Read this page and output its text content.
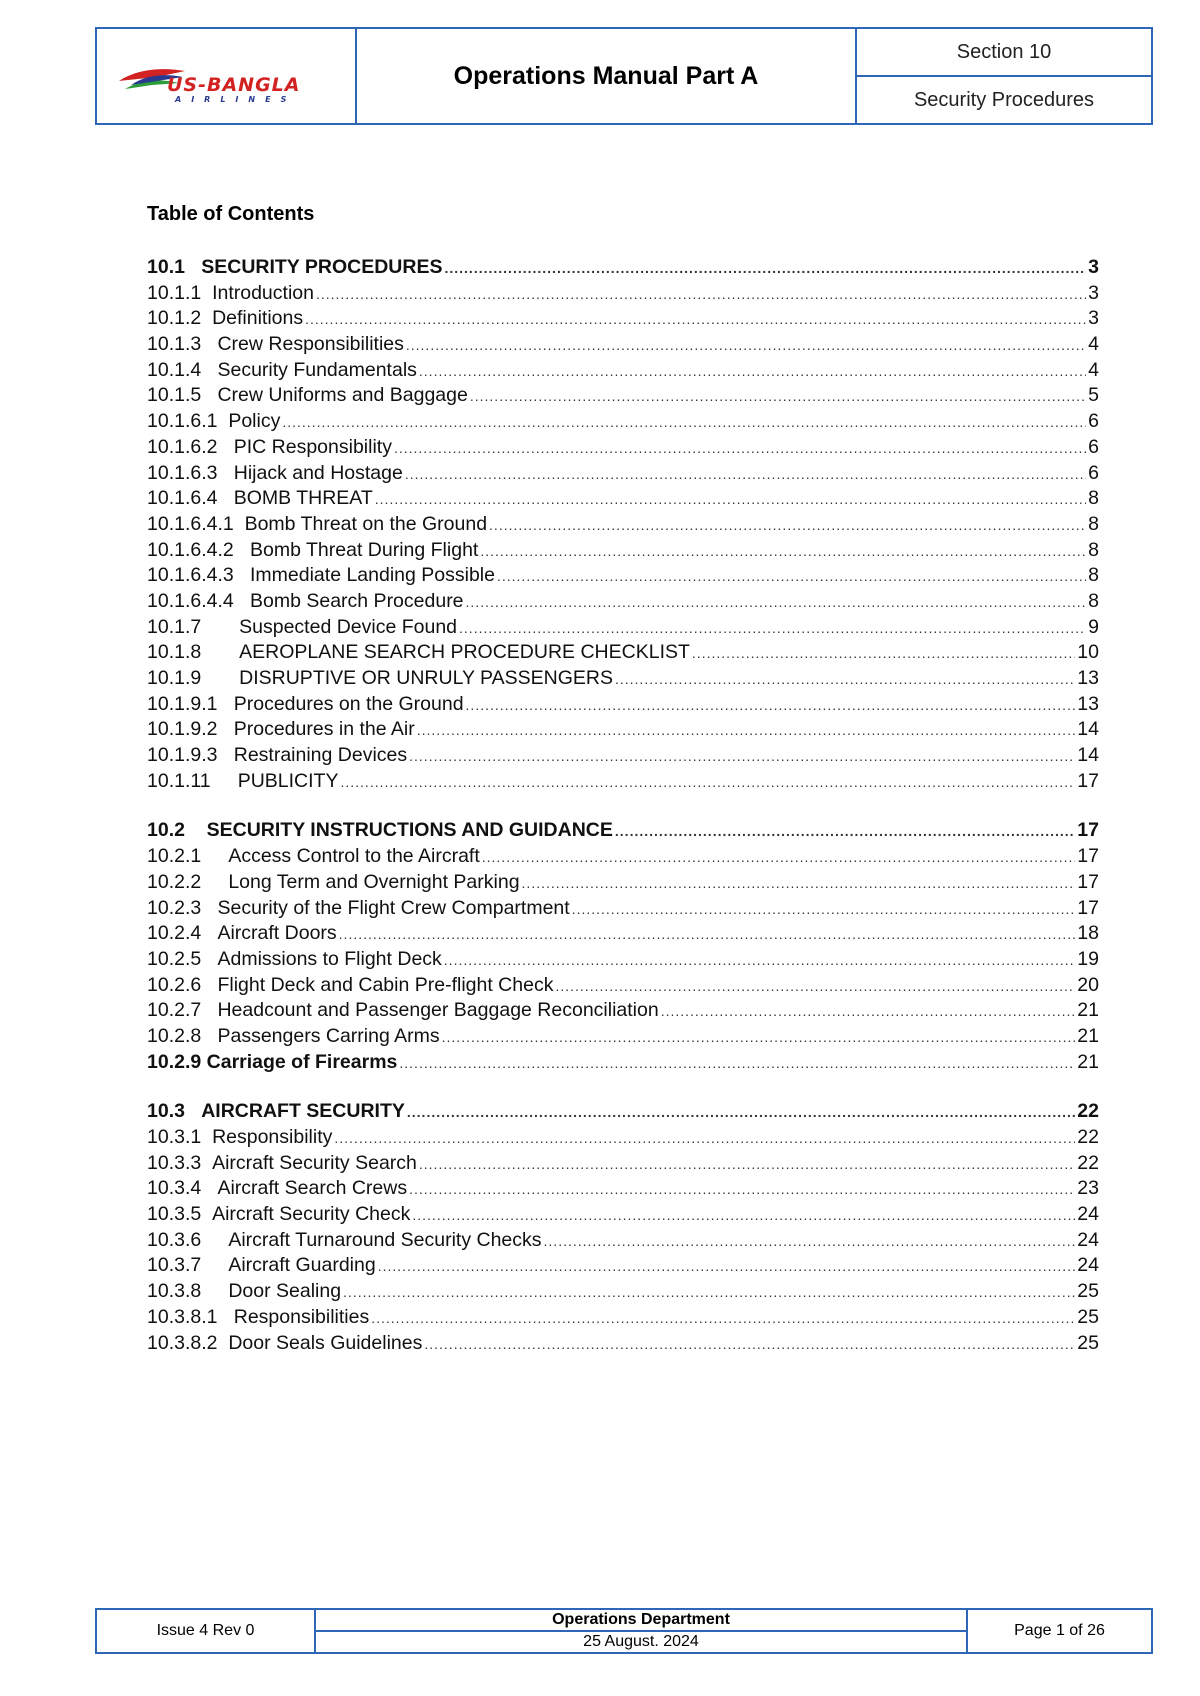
US-BANGLA
AIRLINES
Operations Manual Part A
Section 10
Security Procedures
Table of Contents
10.1 SECURITY PROCEDURES .....	3
10.1.1 Introduction .....	3
10.1.2 Definitions .....	3
10.1.3 Crew Responsibilities .....	4
10.1.4 Security Fundamentals .....	4
10.1.5 Crew Uniforms and Baggage .....	5
10.1.6.1 Policy .....	6
10.1.6.2 PIC Responsibility .....	6
10.1.6.3 Hijack and Hostage .....	6
10.1.6.4 BOMB THREAT .....	8
10.1.6.4.1 Bomb Threat on the Ground .....	8
10.1.6.4.2 Bomb Threat During Flight .....	8
10.1.6.4.3 Immediate Landing Possible .....	8
10.1.6.4.4 Bomb Search Procedure .....	8
10.1.7 Suspected Device Found .....	9
10.1.8 AEROPLANE SEARCH PROCEDURE CHECKLIST .....	10
10.1.9 DISRUPTIVE OR UNRULY PASSENGERS .....	13
10.1.9.1 Procedures on the Ground .....	13
10.1.9.2 Procedures in the Air .....	14
10.1.9.3 Restraining Devices .....	14
10.1.11 PUBLICITY .....	17
10.2 SECURITY INSTRUCTIONS AND GUIDANCE .....	17
10.2.1 Access Control to the Aircraft .....	17
10.2.2 Long Term and Overnight Parking .....	17
10.2.3 Security of the Flight Crew Compartment .....	17
10.2.4 Aircraft Doors .....	18
10.2.5 Admissions to Flight Deck .....	19
10.2.6 Flight Deck and Cabin Pre-flight Check .....	20
10.2.7 Headcount and Passenger Baggage Reconciliation .....	21
10.2.8 Passengers Carring Arms .....	21
10.2.9 Carriage of Firearms .....	21
10.3 AIRCRAFT SECURITY .....	22
10.3.1 Responsibility .....	22
10.3.3 Aircraft Security Search .....	22
10.3.4 Aircraft Search Crews .....	23
10.3.5 Aircraft Security Check .....	24
10.3.6 Aircraft Turnaround Security Checks .....	24
10.3.7 Aircraft Guarding .....	24
10.3.8 Door Sealing .....	25
10.3.8.1 Responsibilities .....	25
10.3.8.2 Door Seals Guidelines .....	25
Issue 4 Rev 0
Operations Department
25 August. 2024
Page 1 of 26
